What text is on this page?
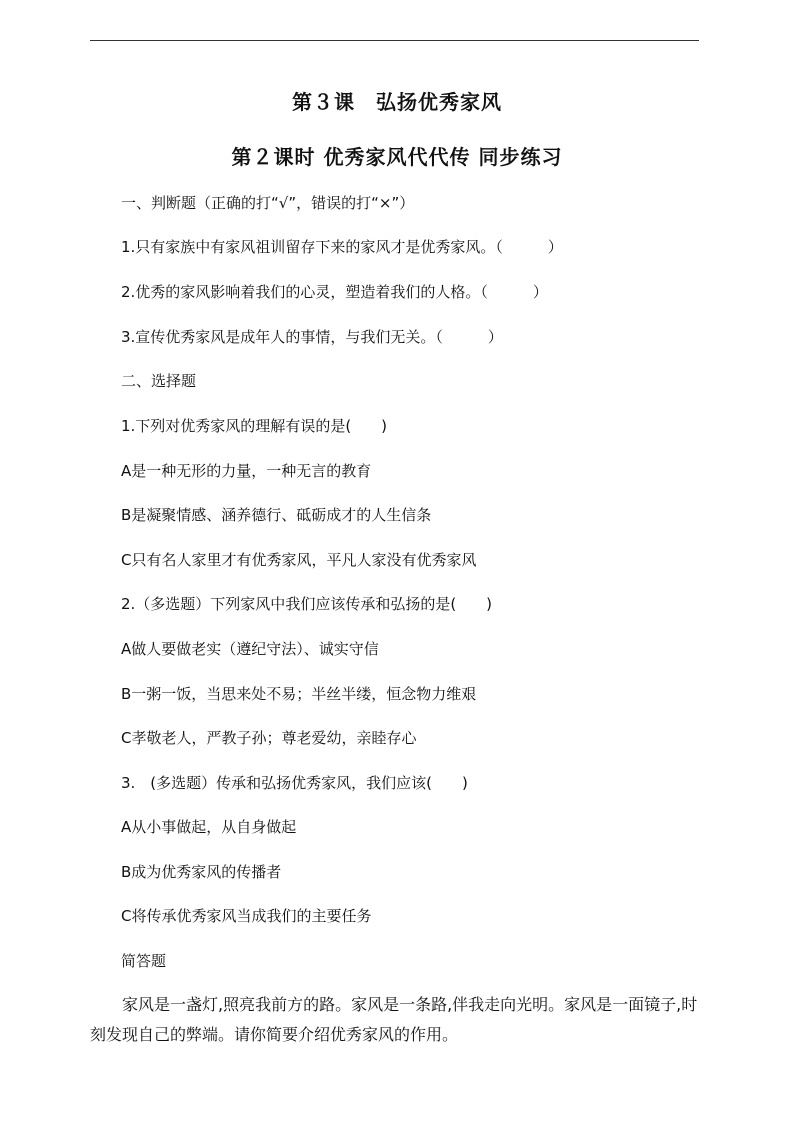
第３课　弘扬优秀家风
第２课时 优秀家风代代传 同步练习
一、判断题（正确的打“√”，错误的打“×”）
1.只有家族中有家风祖训留存下来的家风才是优秀家风。（　　　）
2.优秀的家风影响着我们的心灵，塑造着我们的人格。（　　　）
3.宣传优秀家风是成年人的事情，与我们无关。（　　　）
二、选择题
1.下列对优秀家风的理解有误的是(　　)
A是一种无形的力量，一种无言的教育
B是凝聚情感、涵养德行、砥砺成才的人生信条
C只有名人家里才有优秀家风，平凡人家没有优秀家风
2.（多选题）下列家风中我们应该传承和弘扬的是(　　)
A做人要做老实（遵纪守法）、诚实守信
B一粥一饭，当思来处不易；半丝半缕，恒念物力维艰
C孝敬老人，严教子孙；尊老爱幼，亲睦存心
3.　(多选题）传承和弘扬优秀家风，我们应该(　　)
A从小事做起，从自身做起
B成为优秀家风的传播者
C将传承优秀家风当成我们的主要任务
简答题
家风是一盏灯,照亮我前方的路。家风是一条路,伴我走向光明。家风是一面镜子,时刻发现自己的弊端。请你简要介绍优秀家风的作用。
